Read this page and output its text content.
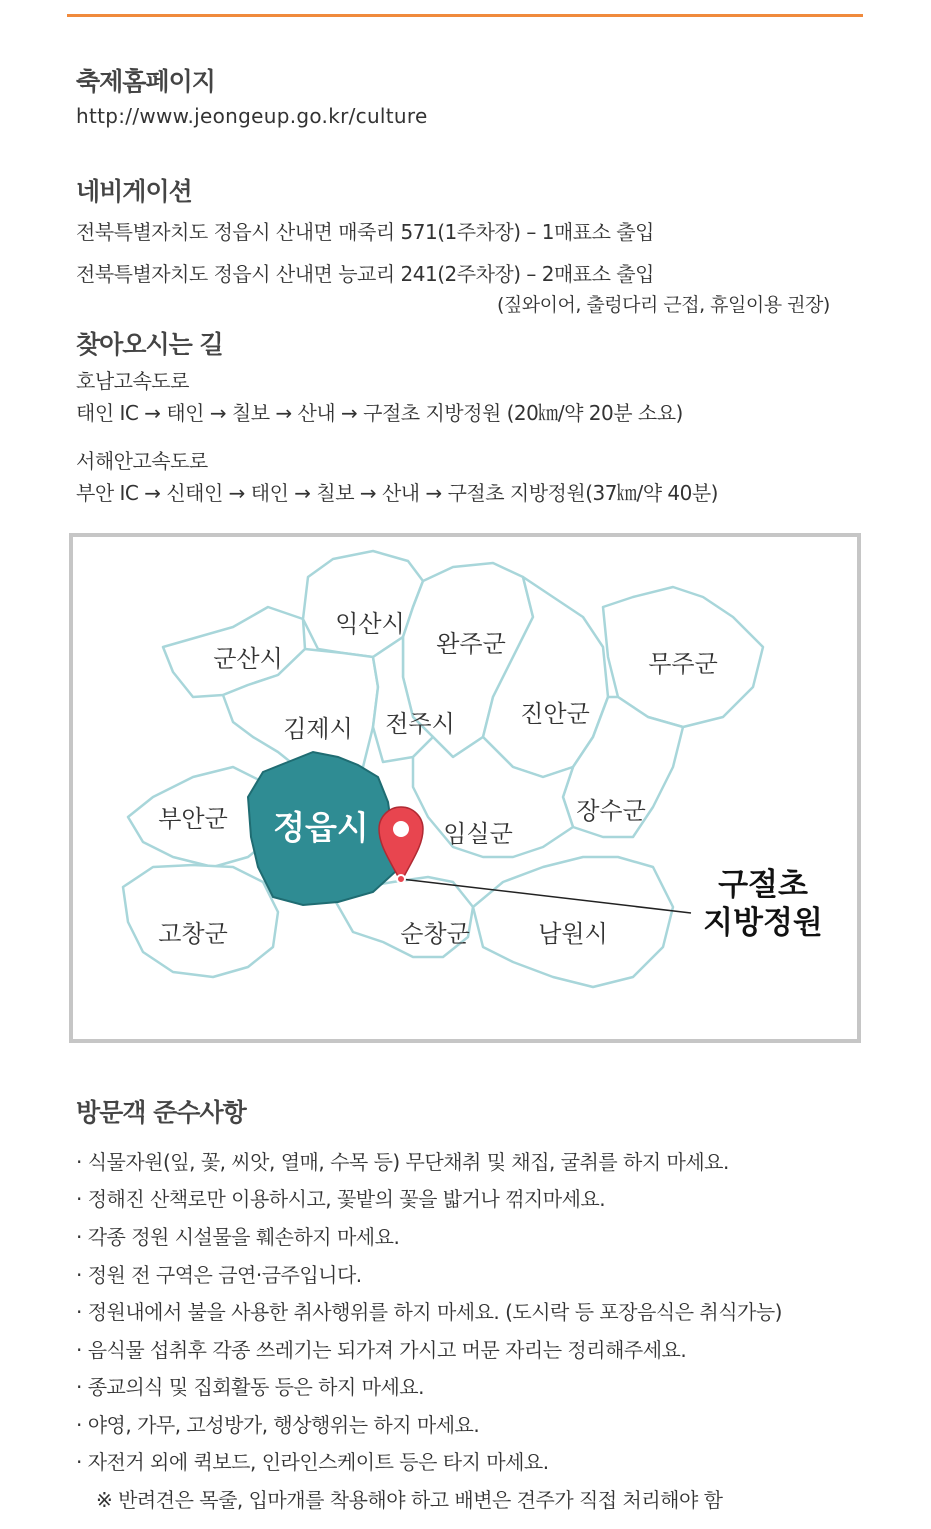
축제홈페이지
http://www.jeongeup.go.kr/culture
네비게이션
전북특별자치도 정읍시 산내면 매죽리 571(1주차장) – 1매표소 출입
전북특별자치도 정읍시 산내면 능교리 241(2주차장) – 2매표소 출입
(짚와이어, 출렁다리 근접, 휴일이용 권장)
찾아오시는 길
호남고속도로
태인 IC → 태인 → 칠보 → 산내 → 구절초 지방정원 (20㎞/약 20분 소요)
서해안고속도로
부안 IC → 신태인 → 태인 → 칠보 → 산내 → 구절초 지방정원(37㎞/약 40분)
군산시
익산시
완주군
무주군
진안군
김제시 전주시
장수군
부안군
임실군
고창군	순창군	남원시
정읍시
구절초
지방정원
방문객 준수사항
· 식물자원(잎, 꽃, 씨앗, 열매, 수목 등) 무단채취 및 채집, 굴취를 하지 마세요.
· 정해진 산책로만 이용하시고, 꽃밭의 꽃을 밟거나 꺾지마세요.
· 각종 정원 시설물을 훼손하지 마세요.
· 정원 전 구역은 금연·금주입니다.
· 정원내에서 불을 사용한 취사행위를 하지 마세요. (도시락 등 포장음식은 취식가능)
· 음식물 섭취후 각종 쓰레기는 되가져 가시고 머문 자리는 정리해주세요.
· 종교의식 및 집회활동 등은 하지 마세요.
· 야영, 가무, 고성방가, 행상행위는 하지 마세요.
· 자전거 외에 퀵보드, 인라인스케이트 등은 타지 마세요.
※ 반려견은 목줄, 입마개를 착용해야 하고 배변은 견주가 직접 처리해야 함
